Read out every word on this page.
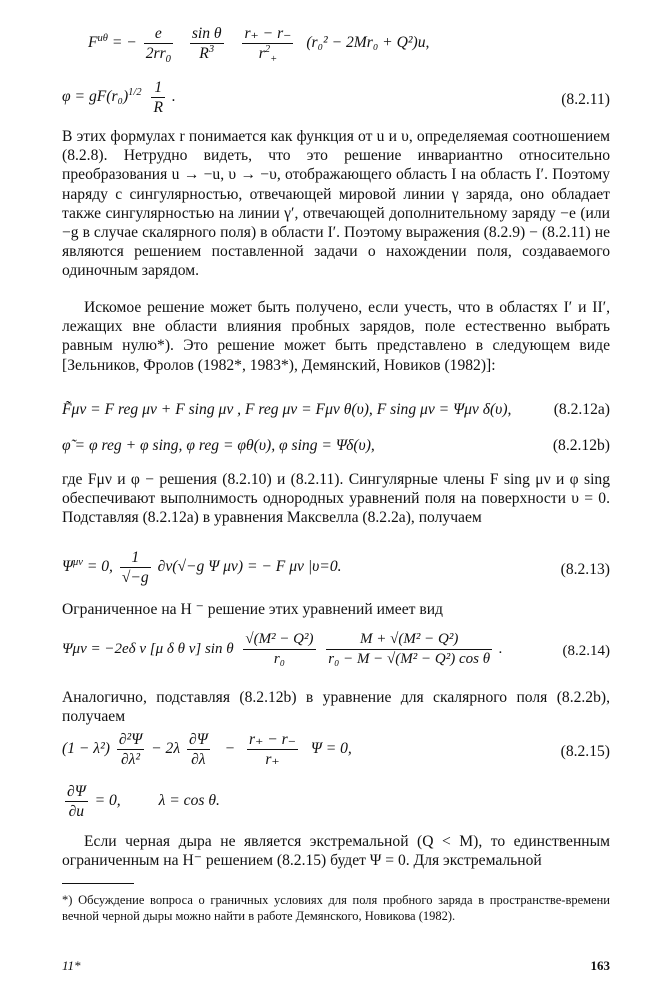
$F^{u\theta}$ = − $\frac{e}{2rr_0}$
$\frac{\text{sin θ}}{R^3}$
$\frac{r_+ - r_-}{r^2_+} (r_0^2 - 2Mr_0 + Q^2)u$,
$\varphi = gF(r_0)^{1/2} \frac{1}{R}$ .	(8.2.11)
В этих формулах r понимается как функция от u и υ, определяемая соотношением (8.2.8). Нетрудно видеть, что это решение инвариантно относительно преобразования u → −u, υ → −υ, отображающего область I на область I′. Поэтому наряду с сингулярностью, отвечающей мировой линии γ заряда, оно обладает также сингулярностью на линии γ′, отвечающей дополнительному заряду −e (или −g в случае скалярного поля) в области I′. Поэтому выражения (8.2.9) − (8.2.11) не являются решением поставленной задачи о нахождении поля, создаваемого одиночным зарядом.
Искомое решение может быть получено, если учесть, что в областях I′ и II′, лежащих вне области влияния пробных зарядов, поле естественно выбрать равным нулю*). Это решение может быть представлено в следующем виде [Зельников, Фролов (1982*, 1983*), Демянский, Новиков (1982)]:
F̃μν = F reg μν + F sing μν , F reg μν = Fμν θ(υ), F sing μν = Ψμν δ(υ),	(8.2.12a)
φ̃ = φ reg + φ sing, φ reg = φθ(υ), φ sing = Ψδ(υ),	(8.2.12b)
где Fμν и φ − решения (8.2.10) и (8.2.11). Сингулярные члены F sing μν и φ sing обеспечивают выполнимость однородных уравнений поля на поверхности υ = 0. Подставляя (8.2.12a) в уравнения Максвелла (8.2.2a), получаем
$\Psi^{\mu\nu} = 0$, $\frac{1}{√-g} \partial\nu(√-g$ Ψ μν) = − F μν |υ=0.	(8.2.13)
Ограниченное на H ⁻ решение этих уравнений имеет вид
Ψμν = −2eδ ν [μ δ θ ν] sin θ $\frac{\text{√(M² − Q²)}}{\text{r₀}}$
$\frac{\text{M + √(M² − Q²)}}{\text{r₀ − M − √(M² − Q²) cos θ}}$ .	(8.2.14)
Аналогично, подставляя (8.2.12b) в уравнение для скалярного поля (8.2.2b), получаем
$(1 - \lambda^2) \frac{\text{∂²Ψ}}{\text{∂λ²}} - 2\lambda \frac{\partial\Psi}{\partial\lambda} - \frac{r_+ - r_-}{r_+}$ Ψ = 0,	(8.2.15)
$\frac{\partial\Psi}{\partial u} = 0$, λ = cos θ.
Если черная дыра не является экстремальной (Q < M), то единственным ограниченным на H⁻ решением (8.2.15) будет Ψ = 0. Для экстремальной
*) Обсуждение вопроса о граничных условиях для поля пробного заряда в пространстве-времени вечной черной дыры можно найти в работе Демянского, Новикова (1982).
11*	163
